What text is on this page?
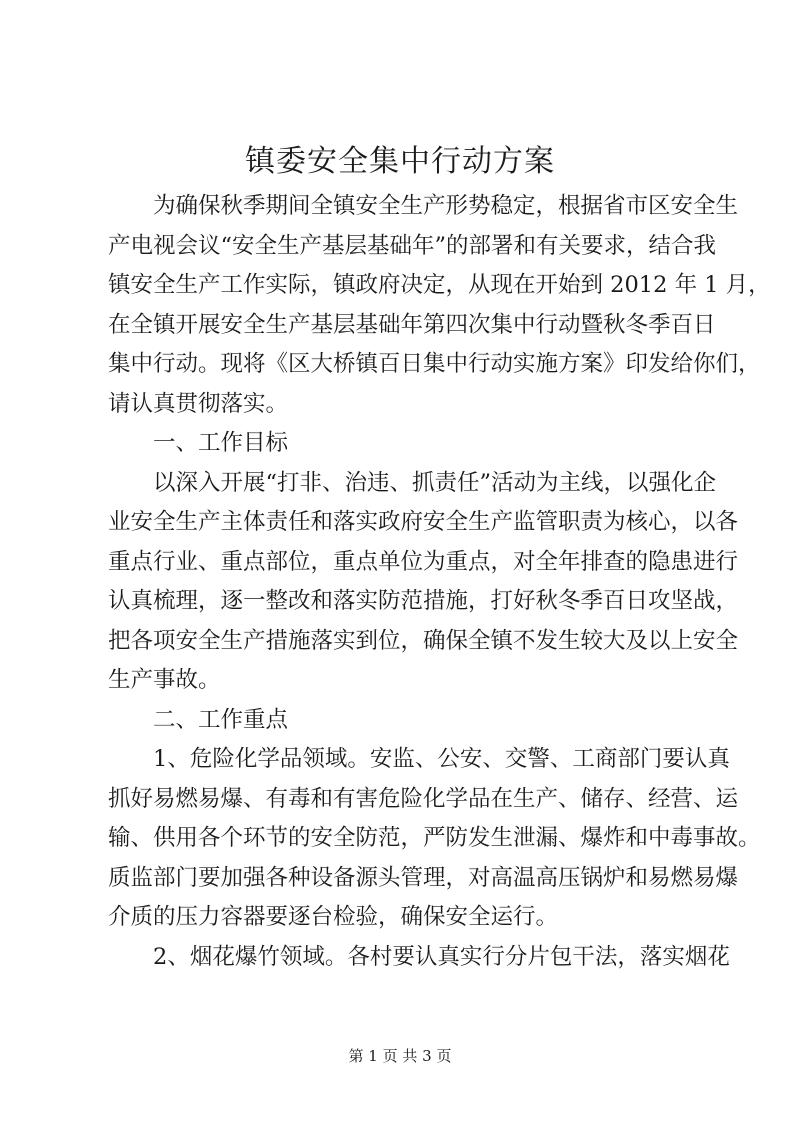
镇委安全集中行动方案
为确保秋季期间全镇安全生产形势稳定，根据省市区安全生
产电视会议“安全生产基层基础年”的部署和有关要求，结合我
镇安全生产工作实际，镇政府决定，从现在开始到 2012 年 1 月，
在全镇开展安全生产基层基础年第四次集中行动暨秋冬季百日
集中行动。现将《区大桥镇百日集中行动实施方案》印发给你们，
请认真贯彻落实。
一、工作目标
以深入开展“打非、治违、抓责任”活动为主线，以强化企
业安全生产主体责任和落实政府安全生产监管职责为核心，以各
重点行业、重点部位，重点单位为重点，对全年排查的隐患进行
认真梳理，逐一整改和落实防范措施，打好秋冬季百日攻坚战，
把各项安全生产措施落实到位，确保全镇不发生较大及以上安全
生产事故。
二、工作重点
1、危险化学品领域。安监、公安、交警、工商部门要认真
抓好易燃易爆、有毒和有害危险化学品在生产、储存、经营、运
输、供用各个环节的安全防范，严防发生泄漏、爆炸和中毒事故。
质监部门要加强各种设备源头管理，对高温高压锅炉和易燃易爆
介质的压力容器要逐台检验，确保安全运行。
2、烟花爆竹领域。各村要认真实行分片包干法，落实烟花
第 1 页 共 3 页
